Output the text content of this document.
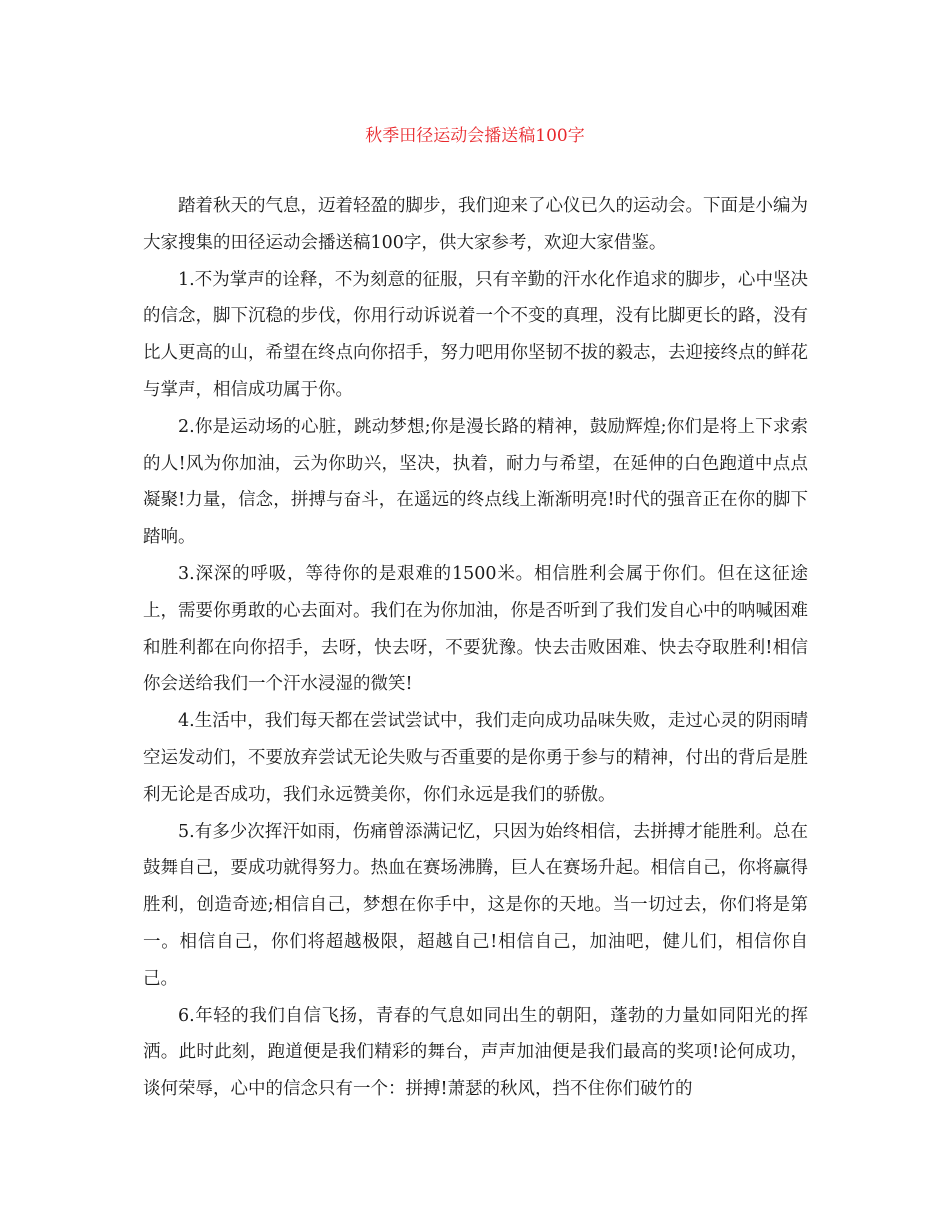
秋季田径运动会播送稿100字

踏着秋天的气息，迈着轻盈的脚步，我们迎来了心仪已久的运动会。下面是小编为大家搜集的田径运动会播送稿100字，供大家参考，欢迎大家借鉴。

1.不为掌声的诠释，不为刻意的征服，只有辛勤的汗水化作追求的脚步，心中坚决的信念，脚下沉稳的步伐，你用行动诉说着一个不变的真理，没有比脚更长的路，没有比人更高的山，希望在终点向你招手，努力吧用你坚韧不拔的毅志，去迎接终点的鲜花与掌声，相信成功属于你。

2.你是运动场的心脏，跳动梦想;你是漫长路的精神，鼓励辉煌;你们是将上下求索的人!风为你加油，云为你助兴，坚决，执着，耐力与希望，在延伸的白色跑道中点点凝聚!力量，信念，拼搏与奋斗，在遥远的终点线上渐渐明亮!时代的强音正在你的脚下踏响。

3.深深的呼吸，等待你的是艰难的1500米。相信胜利会属于你们。但在这征途上，需要你勇敢的心去面对。我们在为你加油，你是否听到了我们发自心中的呐喊困难和胜利都在向你招手，去呀，快去呀，不要犹豫。快去击败困难、快去夺取胜利!相信你会送给我们一个汗水浸湿的微笑!

4.生活中，我们每天都在尝试尝试中，我们走向成功品味失败，走过心灵的阴雨晴空运发动们，不要放弃尝试无论失败与否重要的是你勇于参与的精神，付出的背后是胜利无论是否成功，我们永远赞美你，你们永远是我们的骄傲。

5.有多少次挥汗如雨，伤痛曾添满记忆，只因为始终相信，去拼搏才能胜利。总在鼓舞自己，要成功就得努力。热血在赛场沸腾，巨人在赛场升起。相信自己，你将赢得胜利，创造奇迹;相信自己，梦想在你手中，这是你的天地。当一切过去，你们将是第一。相信自己，你们将超越极限，超越自己!相信自己，加油吧，健儿们，相信你自己。

6.年轻的我们自信飞扬，青春的气息如同出生的朝阳，蓬勃的力量如同阳光的挥洒。此时此刻，跑道便是我们精彩的舞台，声声加油便是我们最高的奖项!论何成功，谈何荣辱，心中的信念只有一个：拼搏!萧瑟的秋风，挡不住你们破竹的
